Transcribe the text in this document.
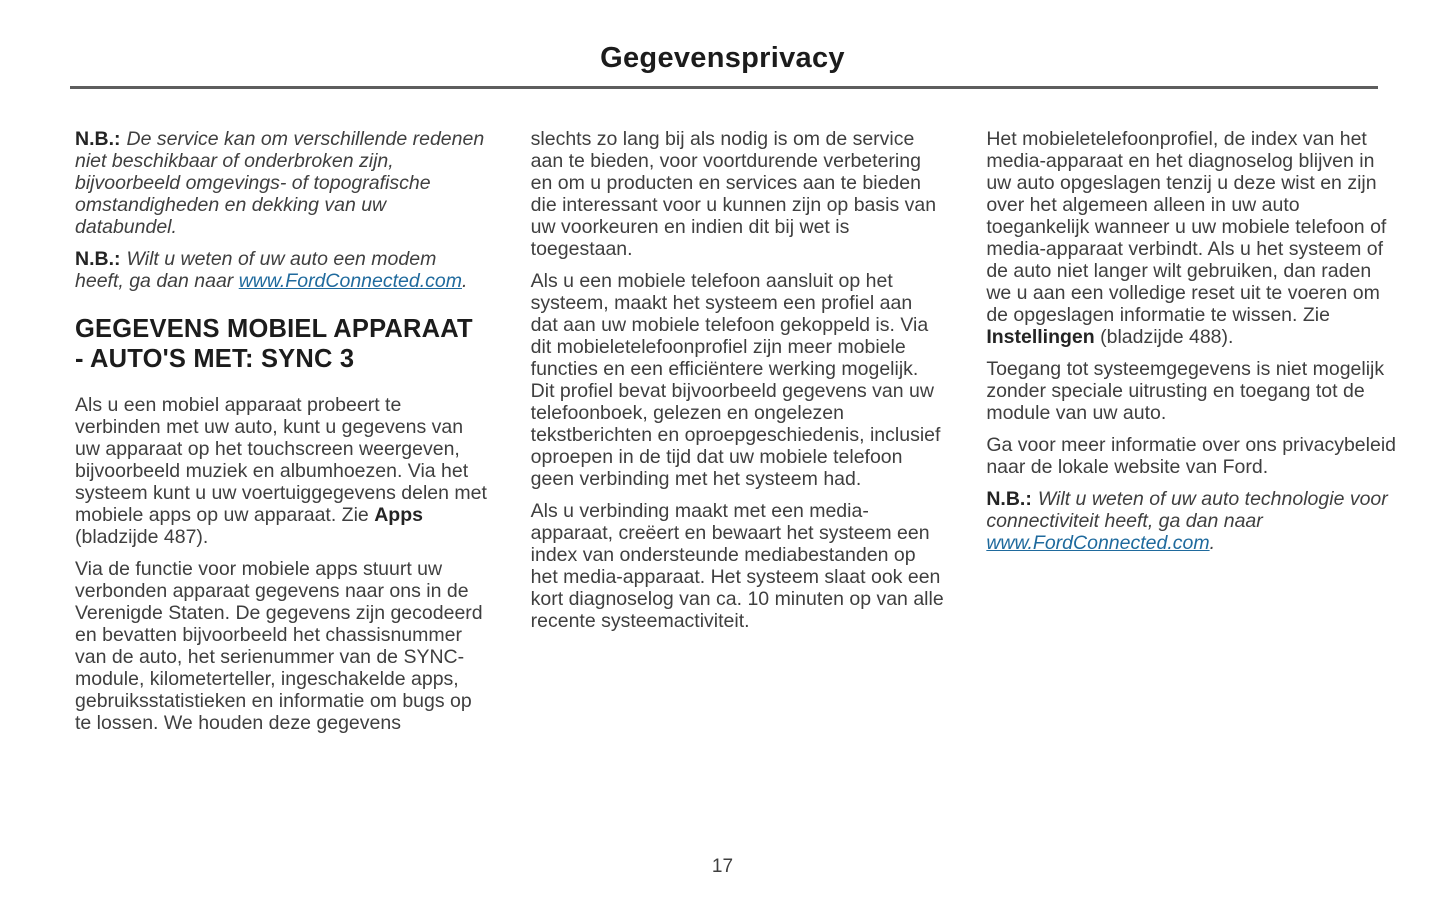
Gegevensprivacy

N.B.: De service kan om verschillende redenen niet beschikbaar of onderbroken zijn, bijvoorbeeld omgevings- of topografische omstandigheden en dekking van uw databundel.

N.B.: Wilt u weten of uw auto een modem heeft, ga dan naar www.FordConnected.com.

GEGEVENS MOBIEL APPARAAT - AUTO'S MET: SYNC 3

Als u een mobiel apparaat probeert te verbinden met uw auto, kunt u gegevens van uw apparaat op het touchscreen weergeven, bijvoorbeeld muziek en albumhoezen. Via het systeem kunt u uw voertuiggegevens delen met mobiele apps op uw apparaat. Zie Apps (bladzijde 487).

Via de functie voor mobiele apps stuurt uw verbonden apparaat gegevens naar ons in de Verenigde Staten. De gegevens zijn gecodeerd en bevatten bijvoorbeeld het chassisnummer van de auto, het serienummer van de SYNC-module, kilometerteller, ingeschakelde apps, gebruiksstatistieken en informatie om bugs op te lossen. We houden deze gegevens

slechts zo lang bij als nodig is om de service aan te bieden, voor voortdurende verbetering en om u producten en services aan te bieden die interessant voor u kunnen zijn op basis van uw voorkeuren en indien dit bij wet is toegestaan.

Als u een mobiele telefoon aansluit op het systeem, maakt het systeem een profiel aan dat aan uw mobiele telefoon gekoppeld is. Via dit mobieletelefoonprofiel zijn meer mobiele functies en een efficiëntere werking mogelijk. Dit profiel bevat bijvoorbeeld gegevens van uw telefoonboek, gelezen en ongelezen tekstberichten en oproepgeschiedenis, inclusief oproepen in de tijd dat uw mobiele telefoon geen verbinding met het systeem had.

Als u verbinding maakt met een media-apparaat, creëert en bewaart het systeem een index van ondersteunde mediabestanden op het media-apparaat. Het systeem slaat ook een kort diagnoselog van ca. 10 minuten op van alle recente systeemactiviteit.

Het mobieletelefoonprofiel, de index van het media-apparaat en het diagnoselog blijven in uw auto opgeslagen tenzij u deze wist en zijn over het algemeen alleen in uw auto toegankelijk wanneer u uw mobiele telefoon of media-apparaat verbindt. Als u het systeem of de auto niet langer wilt gebruiken, dan raden we u aan een volledige reset uit te voeren om de opgeslagen informatie te wissen. Zie Instellingen (bladzijde 488).

Toegang tot systeemgegevens is niet mogelijk zonder speciale uitrusting en toegang tot de module van uw auto.

Ga voor meer informatie over ons privacybeleid naar de lokale website van Ford.

N.B.: Wilt u weten of uw auto technologie voor connectiviteit heeft, ga dan naar www.FordConnected.com.

17
